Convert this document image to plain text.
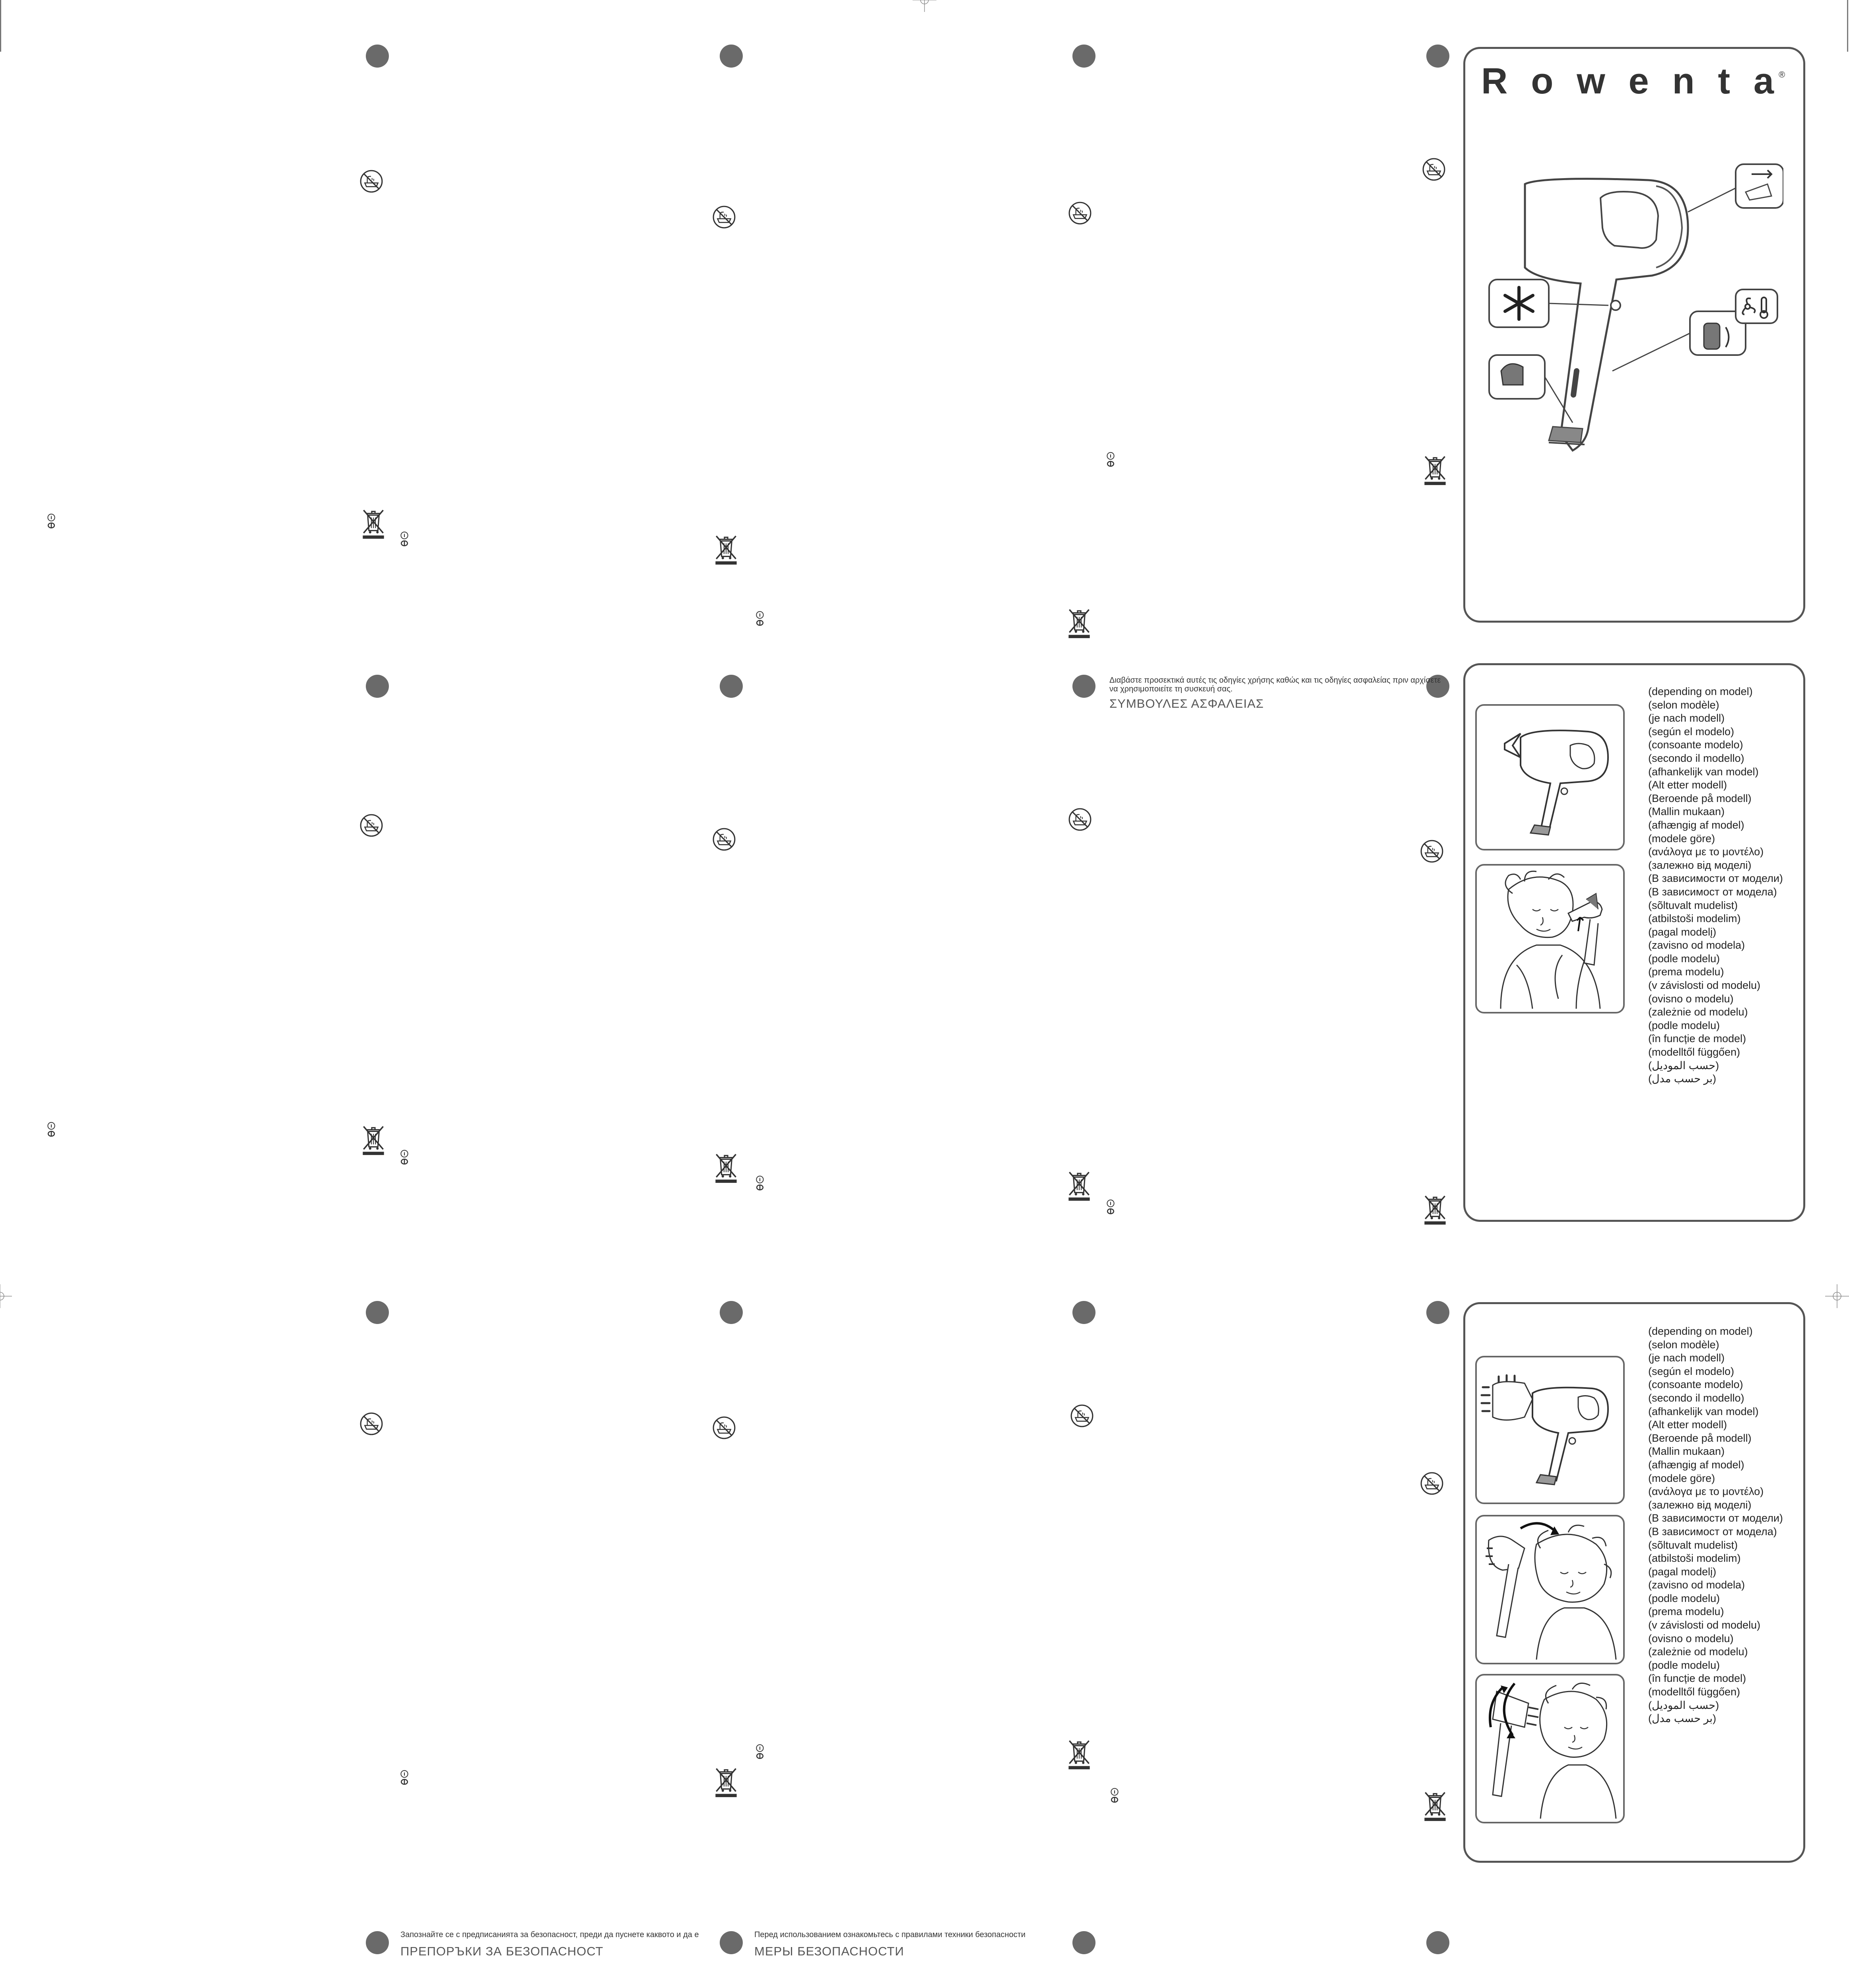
Διαβάστε προσεκτικά αυτές τις οδηγίες χρήσης καθώς και τις οδηγίες ασφαλείας πριν αρχίσετε
να χρησιμοποιείτε τη συσκευή σας.
ΣΥΜΒΟΥΛΕΣ ΑΣΦΑΛΕΙΑΣ
Запознайте се с предписанията за безопасност, преди да пуснете каквото и да е
ПРЕПОРЪКИ ЗА БЕЗОПАСНОСТ
Перед использованием ознакомьтесь с правилами техники безопасности
МЕРЫ БЕЗОПАСНОСТИ
Rowenta ®
(depending on model)
(selon modèle)
(je nach modell)
(según el modelo)
(consoante modelo)
(secondo il modello)
(afhankelijk van model)
(Alt etter modell)
(Beroende på modell)
(Mallin mukaan)
(afhængig af model)
(modele göre)
(ανάλογα με το μοντέλο)
(залежно від моделі)
(В зависимости от модели)
(В зависимост от модела)
(sõltuvalt mudelist)
(atbilstoši modelim)
(pagal modelį)
(zavisno od modela)
(podle modelu)
(prema modelu)
(v závislosti od modelu)
(ovisno o modelu)
(zależnie od modelu)
(podle modelu)
(în funcție de model)
(modelltől függően)
(حسب الموديل)
(بر حسب مدل)
(depending on model)
(selon modèle)
(je nach modell)
(según el modelo)
(consoante modelo)
(secondo il modello)
(afhankelijk van model)
(Alt etter modell)
(Beroende på modell)
(Mallin mukaan)
(afhængig af model)
(modele göre)
(ανάλογα με το μοντέλο)
(залежно від моделі)
(В зависимости от модели)
(В зависимост от модела)
(sõltuvalt mudelist)
(atbilstoši modelim)
(pagal modelį)
(zavisno od modela)
(podle modelu)
(prema modelu)
(v závislosti od modelu)
(ovisno o modelu)
(zależnie od modelu)
(podle modelu)
(în funcție de model)
(modelltől függően)
(حسب الموديل)
(بر حسب مدل)
